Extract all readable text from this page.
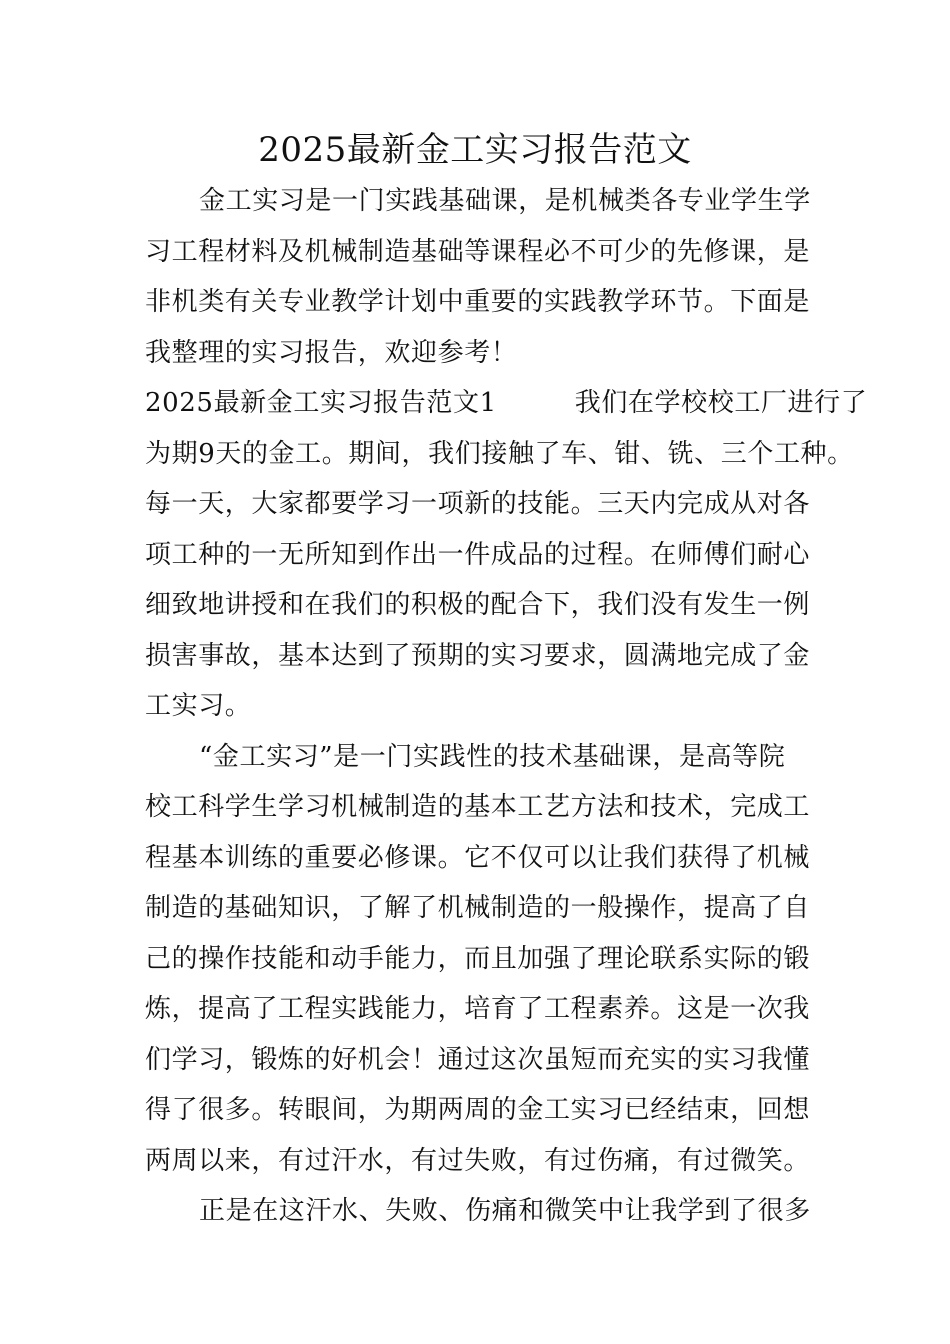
2025最新金工实习报告范文
金工实习是一门实践基础课，是机械类各专业学生学
习工程材料及机械制造基础等课程必不可少的先修课，是
非机类有关专业教学计划中重要的实践教学环节。下面是
我整理的实习报告，欢迎参考！
2025最新金工实习报告范文1	我们在学校校工厂进行了
为期9天的金工。期间，我们接触了车、钳、铣、三个工种。
每一天，大家都要学习一项新的技能。三天内完成从对各
项工种的一无所知到作出一件成品的过程。在师傅们耐心
细致地讲授和在我们的积极的配合下，我们没有发生一例
损害事故，基本达到了预期的实习要求，圆满地完成了金
工实习。
“金工实习”是一门实践性的技术基础课，是高等院
校工科学生学习机械制造的基本工艺方法和技术，完成工
程基本训练的重要必修课。它不仅可以让我们获得了机械
制造的基础知识，了解了机械制造的一般操作，提高了自
己的操作技能和动手能力，而且加强了理论联系实际的锻
炼，提高了工程实践能力，培育了工程素养。这是一次我
们学习，锻炼的好机会！通过这次虽短而充实的实习我懂
得了很多。转眼间，为期两周的金工实习已经结束，回想
两周以来，有过汗水，有过失败，有过伤痛，有过微笑。
正是在这汗水、失败、伤痛和微笑中让我学到了很多
